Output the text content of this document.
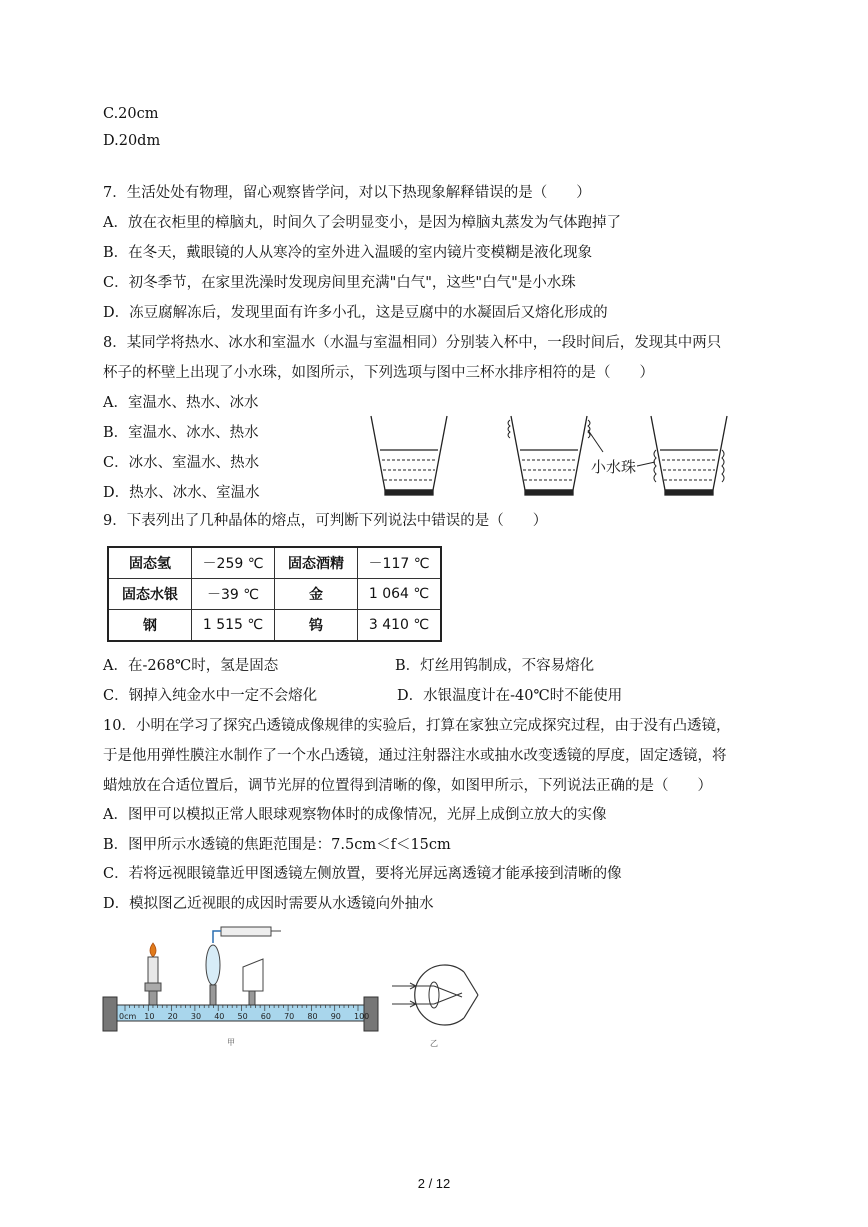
C.20cm
D.20dm
7．生活处处有物理，留心观察皆学问，对以下热现象解释错误的是（　　）
A．放在衣柜里的樟脑丸，时间久了会明显变小，是因为樟脑丸蒸发为气体跑掉了
B．在冬天，戴眼镜的人从寒冷的室外进入温暖的室内镜片变模糊是液化现象
C．初冬季节，在家里洗澡时发现房间里充满"白气"，这些"白气"是小水珠
D．冻豆腐解冻后，发现里面有许多小孔，这是豆腐中的水凝固后又熔化形成的
8．某同学将热水、冰水和室温水（水温与室温相同）分别装入杯中，一段时间后，发现其中两只
杯子的杯壁上出现了小水珠，如图所示，下列选项与图中三杯水排序相符的是（　　）
A．室温水、热水、冰水
B．室温水、冰水、热水
C．冰水、室温水、热水
D．热水、冰水、室温水
小水珠
9．下表列出了几种晶体的熔点，可判断下列说法中错误的是（　　）
固态氢	－259 ℃	固态酒精	－117 ℃
固态水银	－39 ℃	金	1 064 ℃
钢	1 515 ℃	钨	3 410 ℃
A．在-268℃时，氢是固态	B．灯丝用钨制成，不容易熔化
C．钢掉入纯金水中一定不会熔化	D．水银温度计在-40℃时不能使用
10．小明在学习了探究凸透镜成像规律的实验后，打算在家独立完成探究过程，由于没有凸透镜，
于是他用弹性膜注水制作了一个水凸透镜，通过注射器注水或抽水改变透镜的厚度，固定透镜，将
蜡烛放在合适位置后，调节光屏的位置得到清晰的像，如图甲所示，下列说法正确的是（　　）
A．图甲可以模拟正常人眼球观察物体时的成像情况，光屏上成倒立放大的实像
B．图甲所示水透镜的焦距范围是：7.5cm＜f＜15cm
C．若将远视眼镜靠近甲图透镜左侧放置，要将光屏远离透镜才能承接到清晰的像
D．模拟图乙近视眼的成因时需要从水透镜向外抽水
0cm 10 20 30 40 50 60 70 80 90 100
甲	乙
2 / 12
